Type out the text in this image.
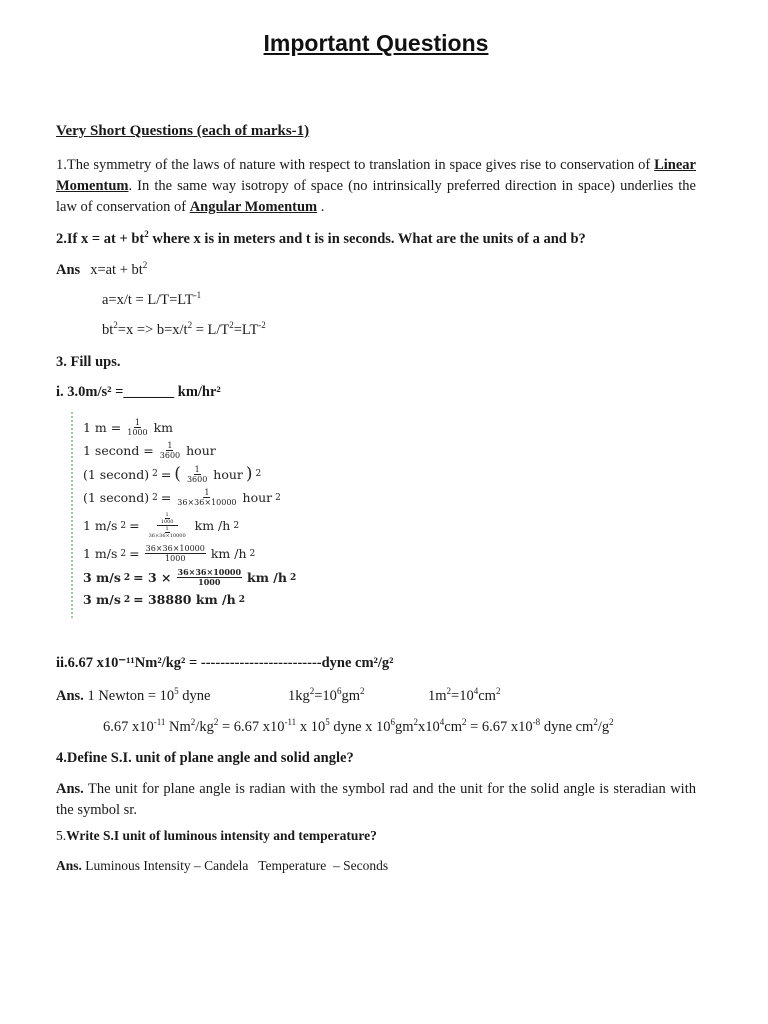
Important Questions
Very Short Questions (each of marks-1)
1.The symmetry of the laws of nature with respect to translation in space gives rise to conservation of Linear Momentum. In the same way isotropy of space (no intrinsically preferred direction in space) underlies the law of conservation of Angular Momentum .
2.If x = at + $bt^2$ where x is in meters and t is in seconds. What are the units of a and b?
Ans $x=at + bt^2$
$a=x/t = L/T=LT^{-1}$
$bt^2=x => b=x/t^2 = L/T^2=LT^{-2}$
3. Fill ups.
i. 3.0m/s² =_______ km/hr²
1 $m = \frac{1}{1000}$ km
1 second = $\frac{1}{3600}$ hour
(1 second) 2 = ( $\frac{1}{3600}$ hour ) 2
(1 second) $2 = \frac{1}{36\times 36\times 10000}$ hour 2
1 m/s $2 = \frac{\frac{1}{1000}}{\frac{1}{36\times 36\times 10000}}$ km /h 2
1 m/s $2 = \frac{36\times 36\times 10000}{1000}$ km /h 2
3 m/s $2 = 3 \times \frac{36\times 36\times 10000}{1000}$ km /h 2
3 m/s 2 = 38880 km /h 2
ii.6.67 x10⁻¹¹Nm²/kg² = -------------------------dyne cm²/g²
Ans. 1 Newton = $10^5$ dyne	$1kg^2=10^6gm^2$	$1m^2=10^4cm^2$
6.67 $x10^{-11}$ $Nm^2/kg^2 = 6.67$ $x10^{-11}$ x $10^5$ dyne x $10^6gm^2x10^4cm^2 = 6.67$ $x10^{-8}$ dyne $cm^2/g^2$
4.Define S.I. unit of plane angle and solid angle?
Ans. The unit for plane angle is radian with the symbol rad and the unit for the solid angle is steradian with the symbol sr.
5.Write S.I unit of luminous intensity and temperature?
Ans. Luminous Intensity – Candela   Temperature  – Seconds
